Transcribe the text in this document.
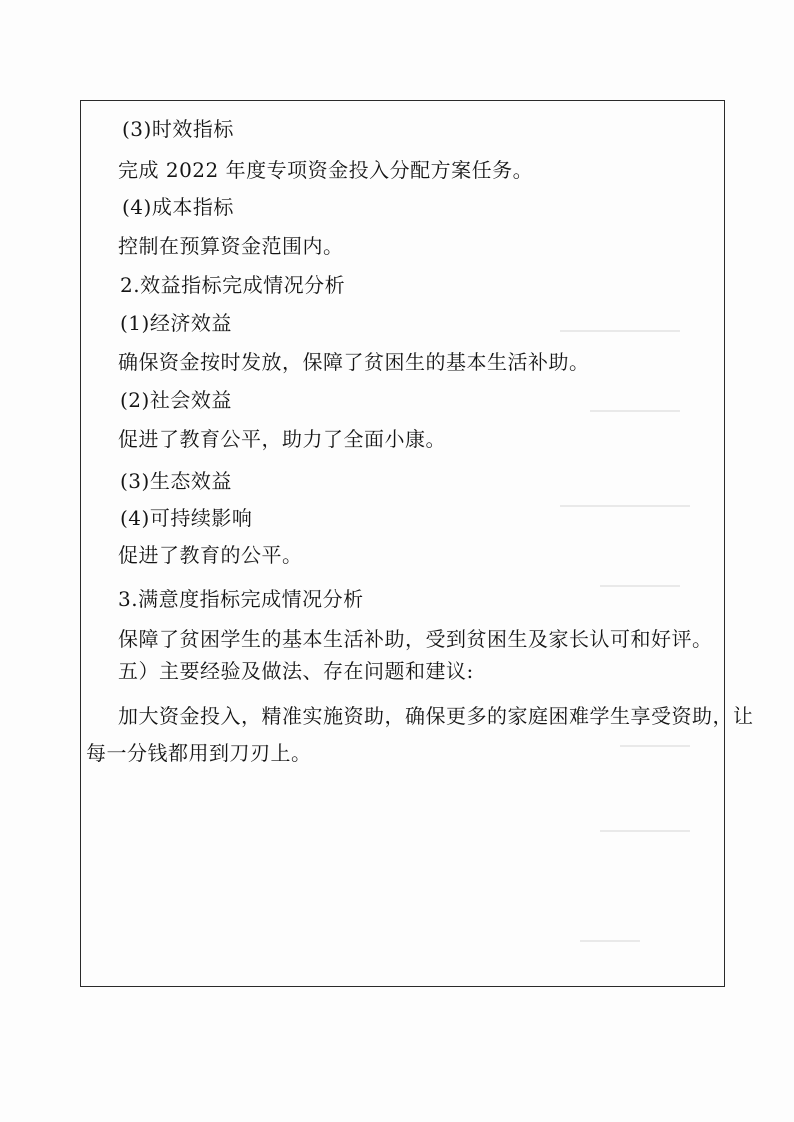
(3)时效指标
完成 2022 年度专项资金投入分配方案任务。
(4)成本指标
控制在预算资金范围内。
2.效益指标完成情况分析
(1)经济效益
确保资金按时发放，保障了贫困生的基本生活补助。
(2)社会效益
促进了教育公平，助力了全面小康。
(3)生态效益
(4)可持续影响
促进了教育的公平。
3.满意度指标完成情况分析
保障了贫困学生的基本生活补助，受到贫困生及家长认可和好评。
五）主要经验及做法、存在问题和建议:
加大资金投入，精准实施资助，确保更多的家庭困难学生享受资助，让
每一分钱都用到刀刃上。
